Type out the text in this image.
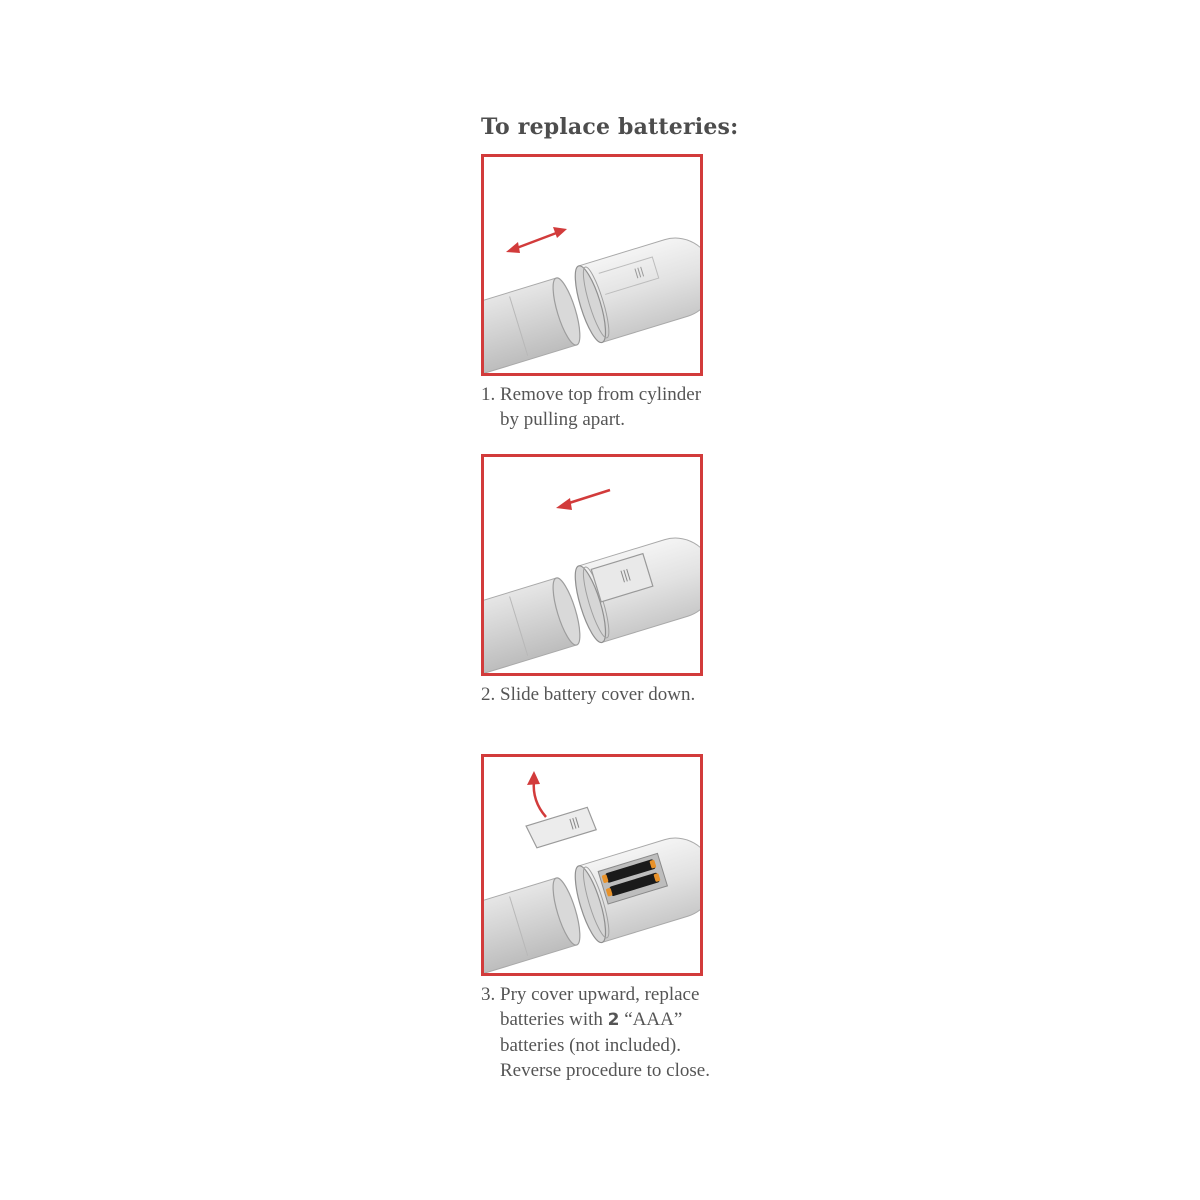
To replace batteries:
1. Remove top from cylinder
by pulling apart.
2. Slide battery cover down.
3. Pry cover upward, replace
batteries with 2 “AAA”
batteries (not included).
Reverse procedure to close.
